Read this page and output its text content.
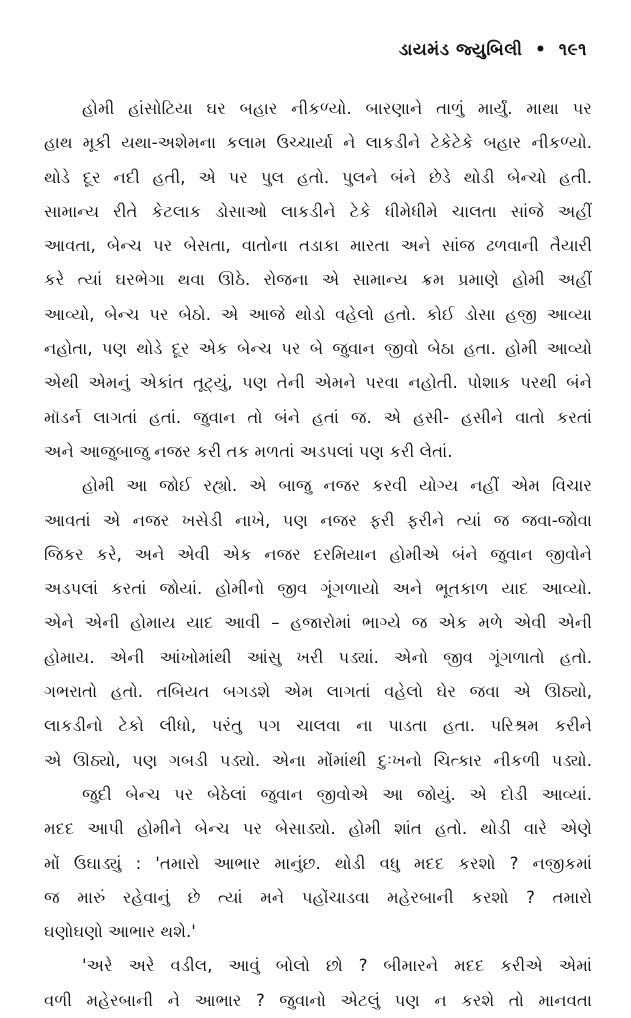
ડાયમંડ જ્યુબિલી • ૧૯૧
હોમી હાંસોટિયા ઘર બહાર નીકળ્યો. બારણાને તાળું માર્યું. માથા પર
હાથ મૂકી યથા-અશેમના કલામ ઉચ્ચાર્યા ને લાકડીને ટેકેટેકે બહાર નીકળ્યો.
થોડે દૂર નદી હતી, એ પર પુલ હતો. પુલને બંને છેડે થોડી બેન્ચો હતી.
સામાન્ય રીતે કેટલાક ડોસાઓ લાકડીને ટેકે ધીમેધીમે ચાલતા સાંજે અહીં
આવતા, બેન્ચ પર બેસતા, વાતોના તડાકા મારતા અને સાંજ ઢળવાની તૈયારી
કરે ત્યાં ઘરભેગા થવા ઊઠે. રોજના એ સામાન્ય ક્રમ પ્રમાણે હોમી અહીં
આવ્યો, બેન્ચ પર બેઠો. એ આજે થોડો વહેલો હતો. કોઈ ડોસા હજી આવ્યા
નહોતા, પણ થોડે દૂર એક બેન્ચ પર બે જુવાન જીવો બેઠા હતા. હોમી આવ્યો
એથી એમનું એકાંત તૂટ્યું, પણ તેની એમને પરવા નહોતી. પોશાક પરથી બંને
મૉડર્ન લાગતાં હતાં. જુવાન તો બંને હતાં જ. એ હસી- હસીને વાતો કરતાં
અને આજુબાજુ નજર કરી તક મળતાં અડપલાં પણ કરી લેતાં.
હોમી આ જોઈ રહ્યો. એ બાજુ નજર કરવી યોગ્ય નહીં એમ વિચાર
આવતાં એ નજર ખસેડી નાખે, પણ નજર ફરી ફરીને ત્યાં જ જવા-જોવા
જિકર કરે, અને એવી એક નજર દરમિયાન હોમીએ બંને જુવાન જીવોને
અડપલાં કરતાં જોયાં. હોમીનો જીવ ગૂંગળાયો અને ભૂતકાળ યાદ આવ્યો.
એને એની હોમાય યાદ આવી – હજારોમાં ભાગ્યે જ એક મળે એવી એની
હોમાય. એની આંખોમાંથી આંસુ ખરી પડ્યાં. એનો જીવ ગૂંગળાતો હતો.
ગભરાતો હતો. તબિયત બગડશે એમ લાગતાં વહેલો ઘેર જવા એ ઊઠ્યો,
લાકડીનો ટેકો લીધો, પરંતુ પગ ચાલવા ના પાડતા હતા. પરિશ્રમ કરીને
એ ઊઠ્યો, પણ ગબડી પડ્યો. એના મોંમાંથી દુઃખનો ચિત્કાર નીકળી પડ્યો.
જુદી બેન્ચ પર બેઠેલાં જુવાન જીવોએ આ જોયું. એ દોડી આવ્યાં.
મદદ આપી હોમીને બેન્ચ પર બેસાડ્યો. હોમી શાંત હતો. થોડી વારે એણે
મોં ઉઘાડ્યું : 'તમારો આભાર માનુંછ. થોડી વધુ મદદ કરશો ? નજીકમાં
જ મારું રહેવાનું છે ત્યાં મને પહોંચાડવા મહેરબાની કરશો ? તમારો
ઘણોઘણો આભાર થશે.'
'અરે અરે વડીલ, આવું બોલો છો ? બીમારને મદદ કરીએ એમાં
વળી મહેરબાની ને આભાર ? જુવાનો એટલું પણ ન કરશે તો માનવતા
